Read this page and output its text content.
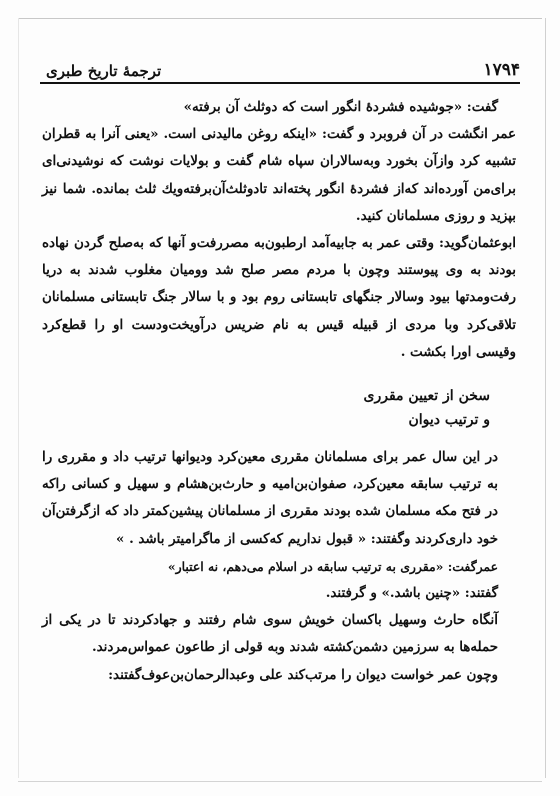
ترجمهٔ تاریخ طبری	۱۷۹۴

گفت: «جوشیده فشردهٔ انگور است که دوثلث آن برفته»

عمر انگشت در آن فروبرد و گفت: «اینکه روغن مالیدنی است. «یعنی آنرا به قطران تشبیه کرد وازآن بخورد وبه‌سالاران سپاه شام گفت و بولایات نوشت که نوشیدنی‌ای برای‌من آورده‌اند که‌از فشردهٔ انگور پخته‌اند تادوثلث‌آن‌برفته‌ویك ثلث بمانده. شما نیز بپزید و روزی مسلمانان کنید.

ابوعثمان‌گوید: وقتی عمر به جابیه‌آمد ارطبون‌به مصررفت‌و آنها که به‌صلح گردن نهاده بودند به وی پیوستند وچون با مردم مصر صلح شد وومیان مغلوب شدند به دریا رفت‌ومدتها بیود وسالار جنگهای تابستانی روم بود و با سالار جنگ تابستانی مسلمانان تلاقی‌کرد وبا مردی از قبیله قیس به نام ضریس درآویخت‌ودست او را قطع‌کرد وقیسی اورا بکشت .

سخن از تعیین مقرری
و ترتیب دیوان

در این سال عمر برای مسلمانان مقرری معین‌کرد ودیوانها ترتیب داد و مقرری را به ترتیب سابقه معین‌کرد، صفوان‌بن‌امیه و حارث‌بن‌هشام و سهیل و کسانی راکه در فتح مکه مسلمان شده بودند مقرری از مسلمانان پیشین‌کمتر داد که ازگرفتن‌آن خود داری‌کردند وگفتند: « قبول نداریم که‌کسی از ماگرامیتر باشد . »

عمرگفت: «مقرری به ترتیب سابقه در اسلام می‌دهم، نه اعتبار»

گفتند: «چنین باشد.» و گرفتند.

آنگاه حارث وسهیل باکسان خویش سوی شام رفتند و جهادکردند تا در یکی از حمله‌ها به سرزمین دشمن‌کشته شدند وبه قولی از طاعون عمواس‌مردند.

وچون عمر خواست دیوان را مرتب‌کند علی وعبدالرحمان‌بن‌عوف‌گفتند:
